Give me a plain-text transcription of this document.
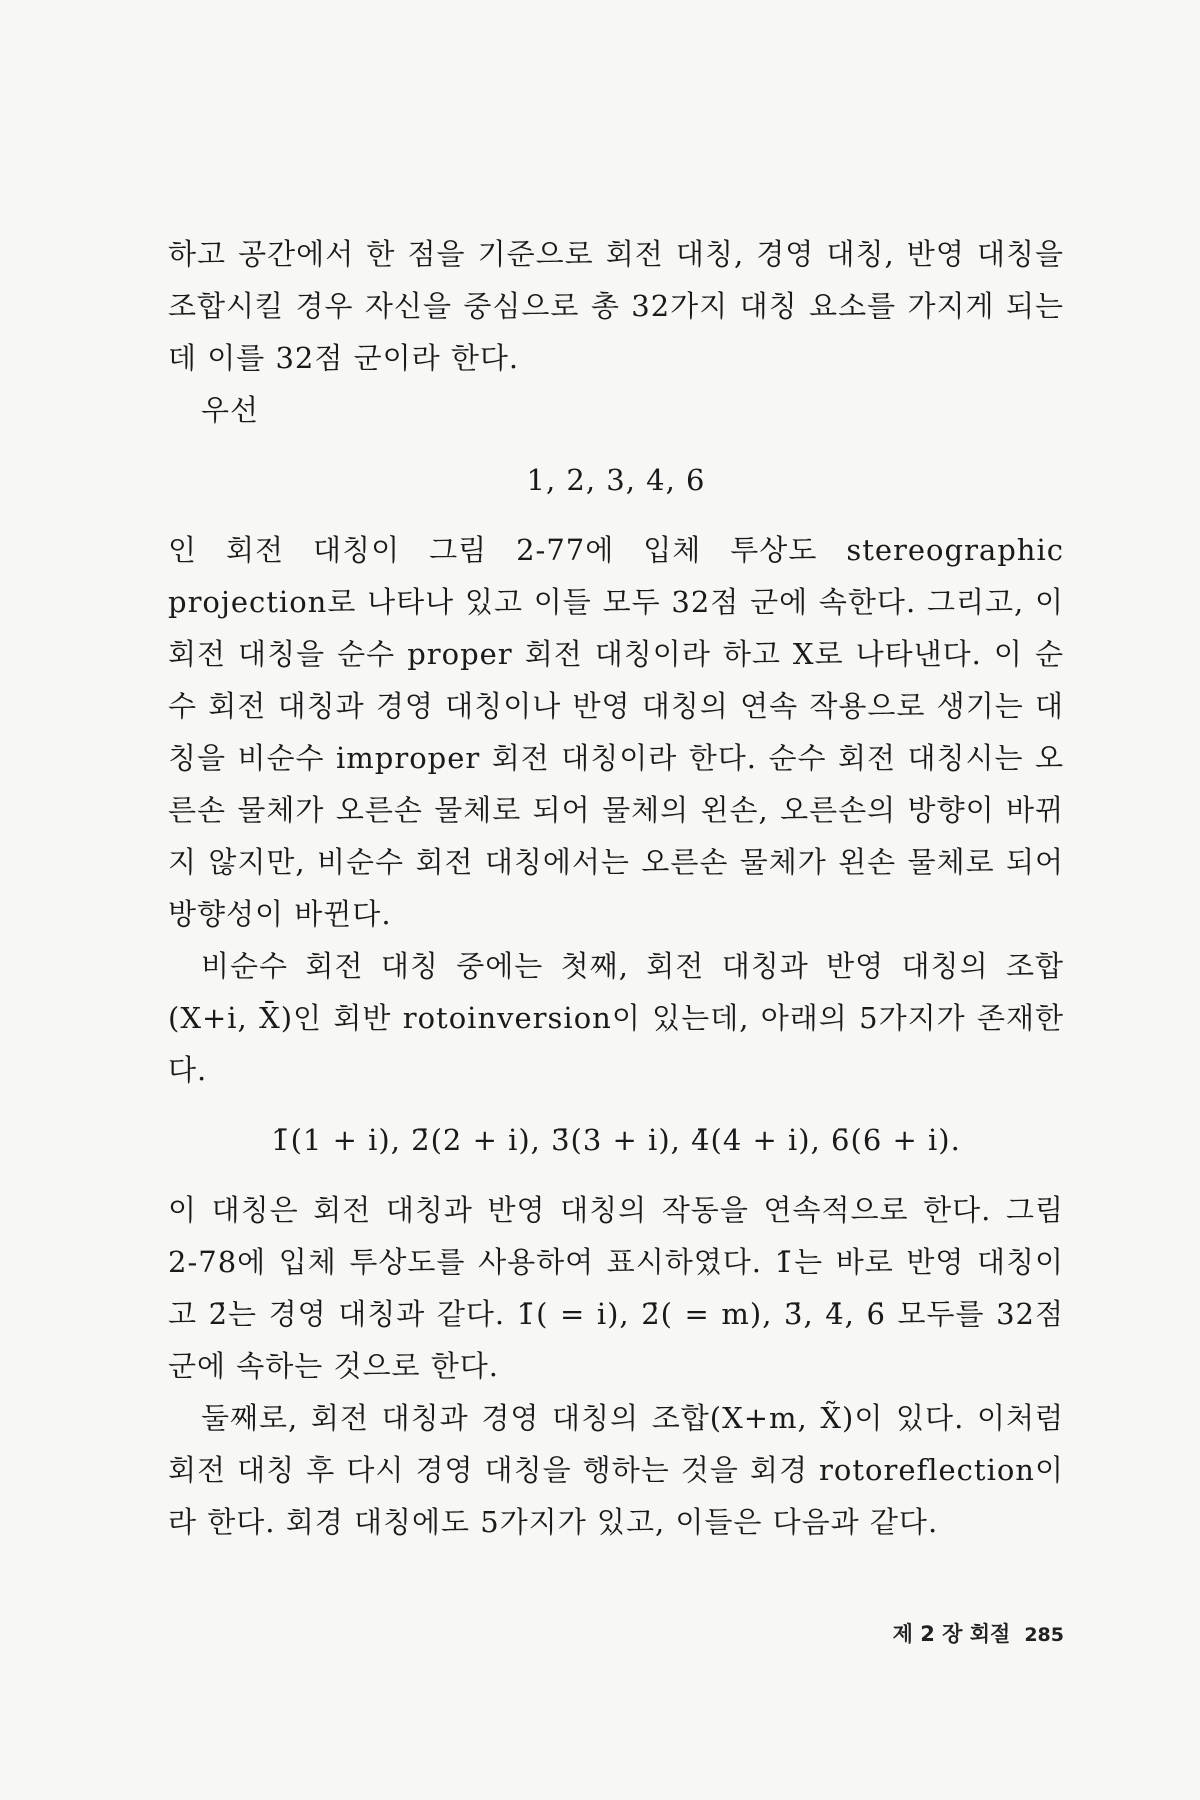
하고 공간에서 한 점을 기준으로 회전 대칭, 경영 대칭, 반영 대칭을 조합시킬 경우 자신을 중심으로 총 32가지 대칭 요소를 가지게 되는데 이를 32점 군이라 한다.

우선

1, 2, 3, 4, 6

인 회전 대칭이 그림 2-77에 입체 투상도 stereographic projection로 나타나 있고 이들 모두 32점 군에 속한다. 그리고, 이 회전 대칭을 순수 proper 회전 대칭이라 하고 X로 나타낸다. 이 순수 회전 대칭과 경영 대칭이나 반영 대칭의 연속 작용으로 생기는 대칭을 비순수 improper 회전 대칭이라 한다. 순수 회전 대칭시는 오른손 물체가 오른손 물체로 되어 물체의 왼손, 오른손의 방향이 바뀌지 않지만, 비순수 회전 대칭에서는 오른손 물체가 왼손 물체로 되어 방향성이 바뀐다.

비순수 회전 대칭 중에는 첫째, 회전 대칭과 반영 대칭의 조합 (X+i, X̄)인 회반 rotoinversion이 있는데, 아래의 5가지가 존재한다.

1̄(1 + i), 2̄(2 + i), 3̄(3 + i), 4̄(4 + i), 6̄(6 + i).

이 대칭은 회전 대칭과 반영 대칭의 작동을 연속적으로 한다. 그림 2-78에 입체 투상도를 사용하여 표시하였다. 1̄는 바로 반영 대칭이고 2̄는 경영 대칭과 같다. 1̄( = i), 2̄( = m), 3̄, 4̄, 6̄ 모두를 32점 군에 속하는 것으로 한다.

둘째로, 회전 대칭과 경영 대칭의 조합(X+m, X̃)이 있다. 이처럼 회전 대칭 후 다시 경영 대칭을 행하는 것을 회경 rotoreflection이라 한다. 회경 대칭에도 5가지가 있고, 이들은 다음과 같다.

제 2 장 회절 285
